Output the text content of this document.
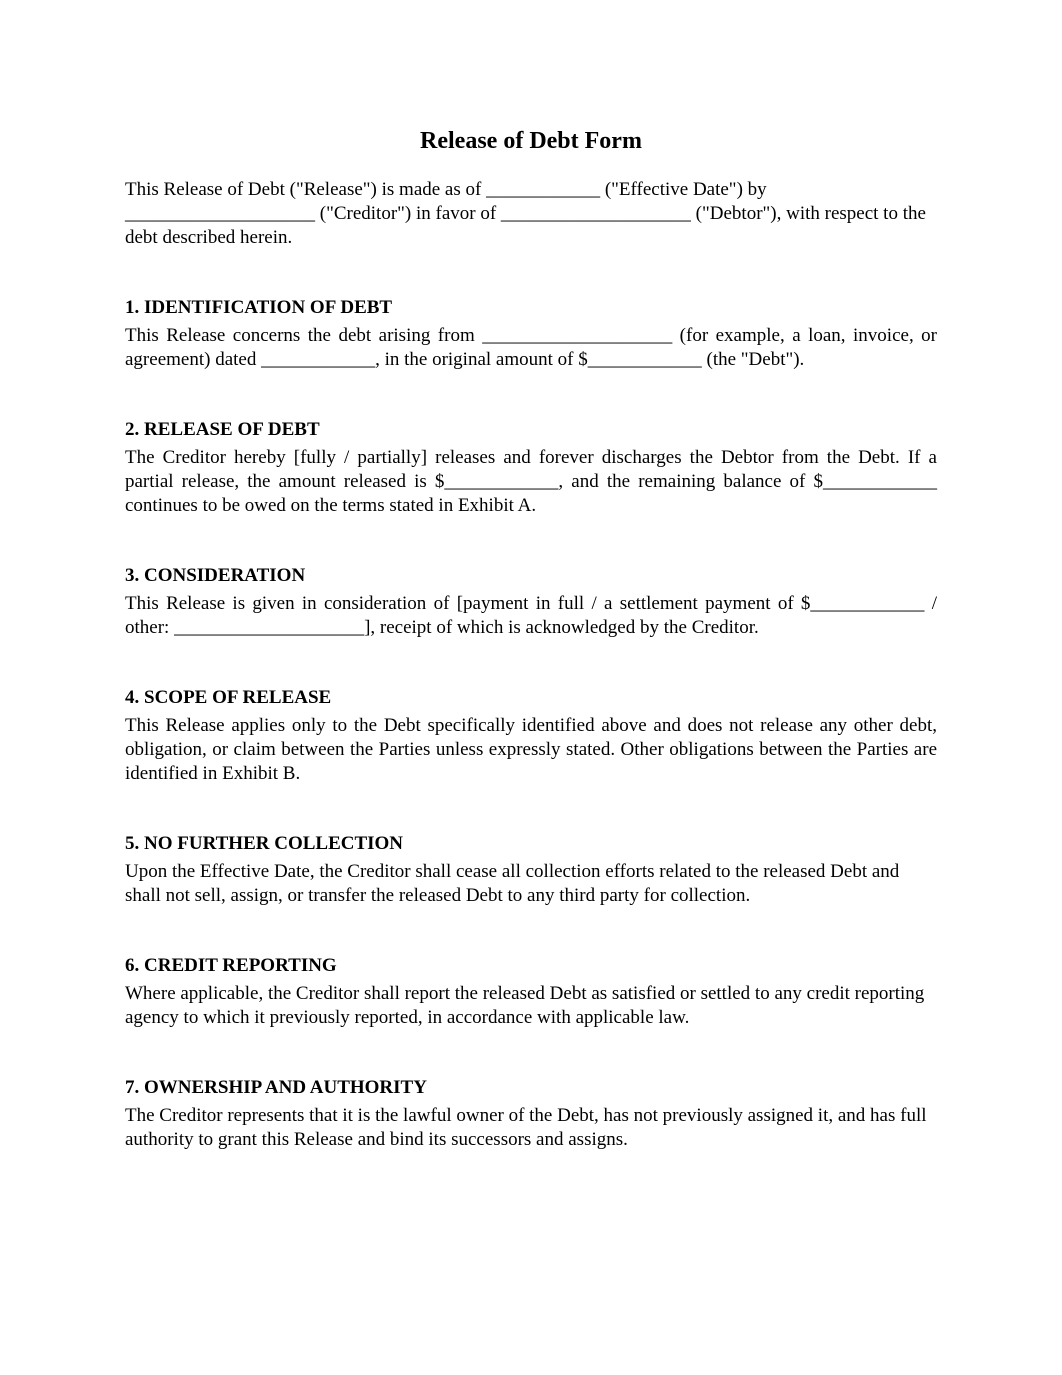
Release of Debt Form

This Release of Debt ("Release") is made as of ____________ ("Effective Date") by ____________________ ("Creditor") in favor of ____________________ ("Debtor"), with respect to the debt described herein.

1. IDENTIFICATION OF DEBT

This Release concerns the debt arising from ____________________ (for example, a loan, invoice, or agreement) dated ____________, in the original amount of $____________ (the "Debt").

2. RELEASE OF DEBT

The Creditor hereby [fully / partially] releases and forever discharges the Debtor from the Debt. If a partial release, the amount released is $____________, and the remaining balance of $____________ continues to be owed on the terms stated in Exhibit A.

3. CONSIDERATION

This Release is given in consideration of [payment in full / a settlement payment of $____________ / other: ____________________], receipt of which is acknowledged by the Creditor.

4. SCOPE OF RELEASE

This Release applies only to the Debt specifically identified above and does not release any other debt, obligation, or claim between the Parties unless expressly stated. Other obligations between the Parties are identified in Exhibit B.

5. NO FURTHER COLLECTION

Upon the Effective Date, the Creditor shall cease all collection efforts related to the released Debt and shall not sell, assign, or transfer the released Debt to any third party for collection.

6. CREDIT REPORTING

Where applicable, the Creditor shall report the released Debt as satisfied or settled to any credit reporting agency to which it previously reported, in accordance with applicable law.

7. OWNERSHIP AND AUTHORITY

The Creditor represents that it is the lawful owner of the Debt, has not previously assigned it, and has full authority to grant this Release and bind its successors and assigns.
